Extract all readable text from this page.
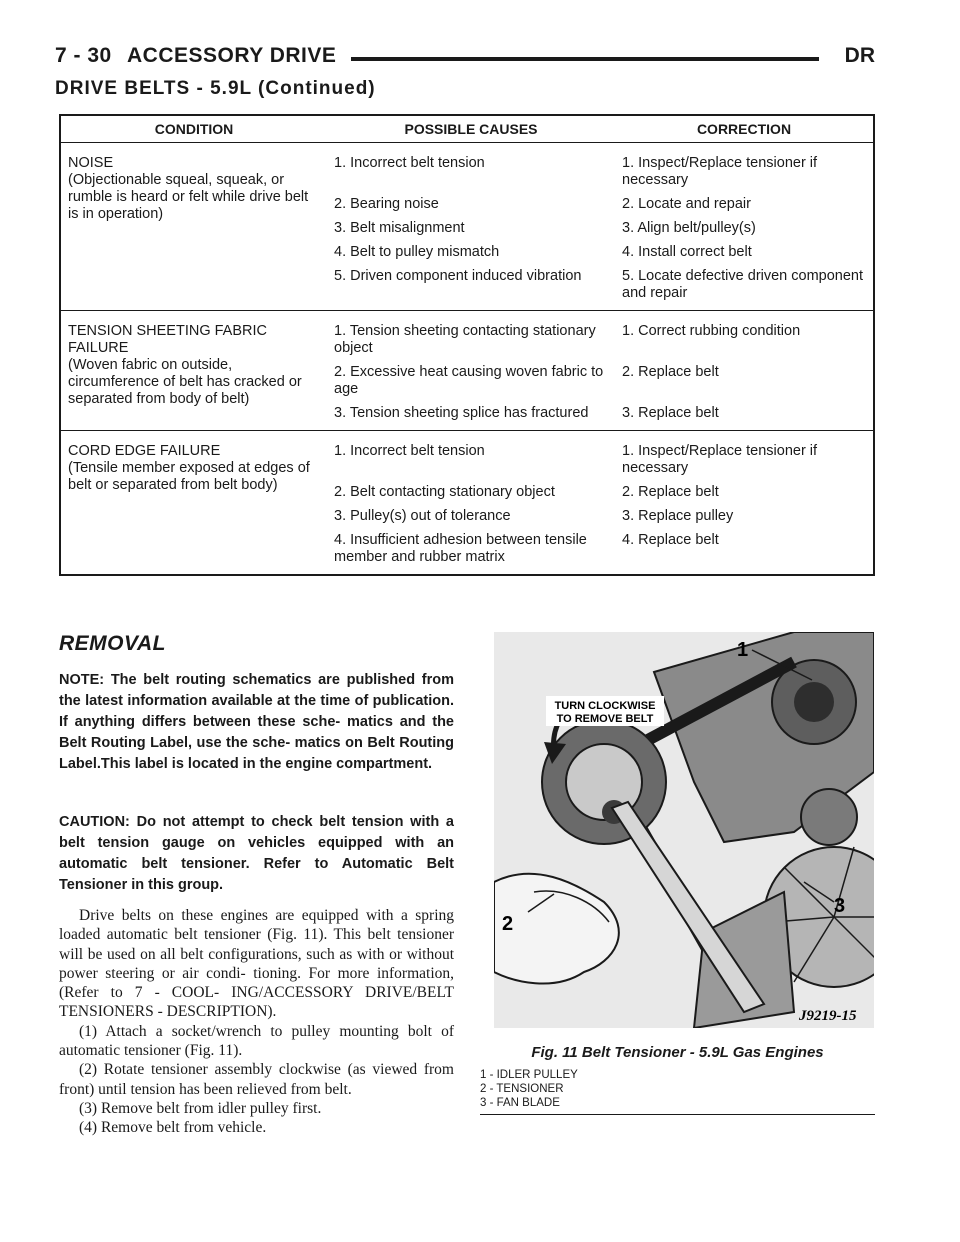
7 - 30 ACCESSORY DRIVE	DR
DRIVE BELTS - 5.9L (Continued)
CONDITION	POSSIBLE CAUSES	CORRECTION
NOISE
(Objectionable squeal, squeak, or rumble is heard or felt while drive belt is in operation)	1. Incorrect belt tension	1. Inspect/Replace tensioner if necessary
	2. Bearing noise	2. Locate and repair
	3. Belt misalignment	3. Align belt/pulley(s)
	4. Belt to pulley mismatch	4. Install correct belt
	5. Driven component induced vibration	5. Locate defective driven component and repair
TENSION SHEETING FABRIC FAILURE
(Woven fabric on outside, circumference of belt has cracked or separated from body of belt)	1. Tension sheeting contacting stationary object	1. Correct rubbing condition
	2. Excessive heat causing woven fabric to age	2. Replace belt
	3. Tension sheeting splice has fractured	3. Replace belt
CORD EDGE FAILURE
(Tensile member exposed at edges of belt or separated from belt body)	1. Incorrect belt tension	1. Inspect/Replace tensioner if necessary
	2. Belt contacting stationary object	2. Replace belt
	3. Pulley(s) out of tolerance	3. Replace pulley
	4. Insufficient adhesion between tensile member and rubber matrix	4. Replace belt
REMOVAL
NOTE: The belt routing schematics are published from the latest information available at the time of publication. If anything differs between these sche- matics and the Belt Routing Label, use the sche- matics on Belt Routing Label.This label is located in the engine compartment.
CAUTION: Do not attempt to check belt tension with a belt tension gauge on vehicles equipped with an automatic belt tensioner. Refer to Automatic Belt Tensioner in this group.

Drive belts on these engines are equipped with a spring loaded automatic belt tensioner (Fig. 11). This belt tensioner will be used on all belt configurations, such as with or without power steering or air condi- tioning. For more information, (Refer to 7 - COOL- ING/ACCESSORY DRIVE/BELT TENSIONERS - DESCRIPTION).

(1) Attach a socket/wrench to pulley mounting bolt of automatic tensioner (Fig. 11).

(2) Rotate tensioner assembly clockwise (as viewed from front) until tension has been relieved from belt.

(3) Remove belt from idler pulley first.

(4) Remove belt from vehicle.

TURN CLOCKWISE
TO REMOVE BELT
1
2
3
J9219-15
Fig. 11 Belt Tensioner - 5.9L Gas Engines
1 - IDLER PULLEY
2 - TENSIONER
3 - FAN BLADE
